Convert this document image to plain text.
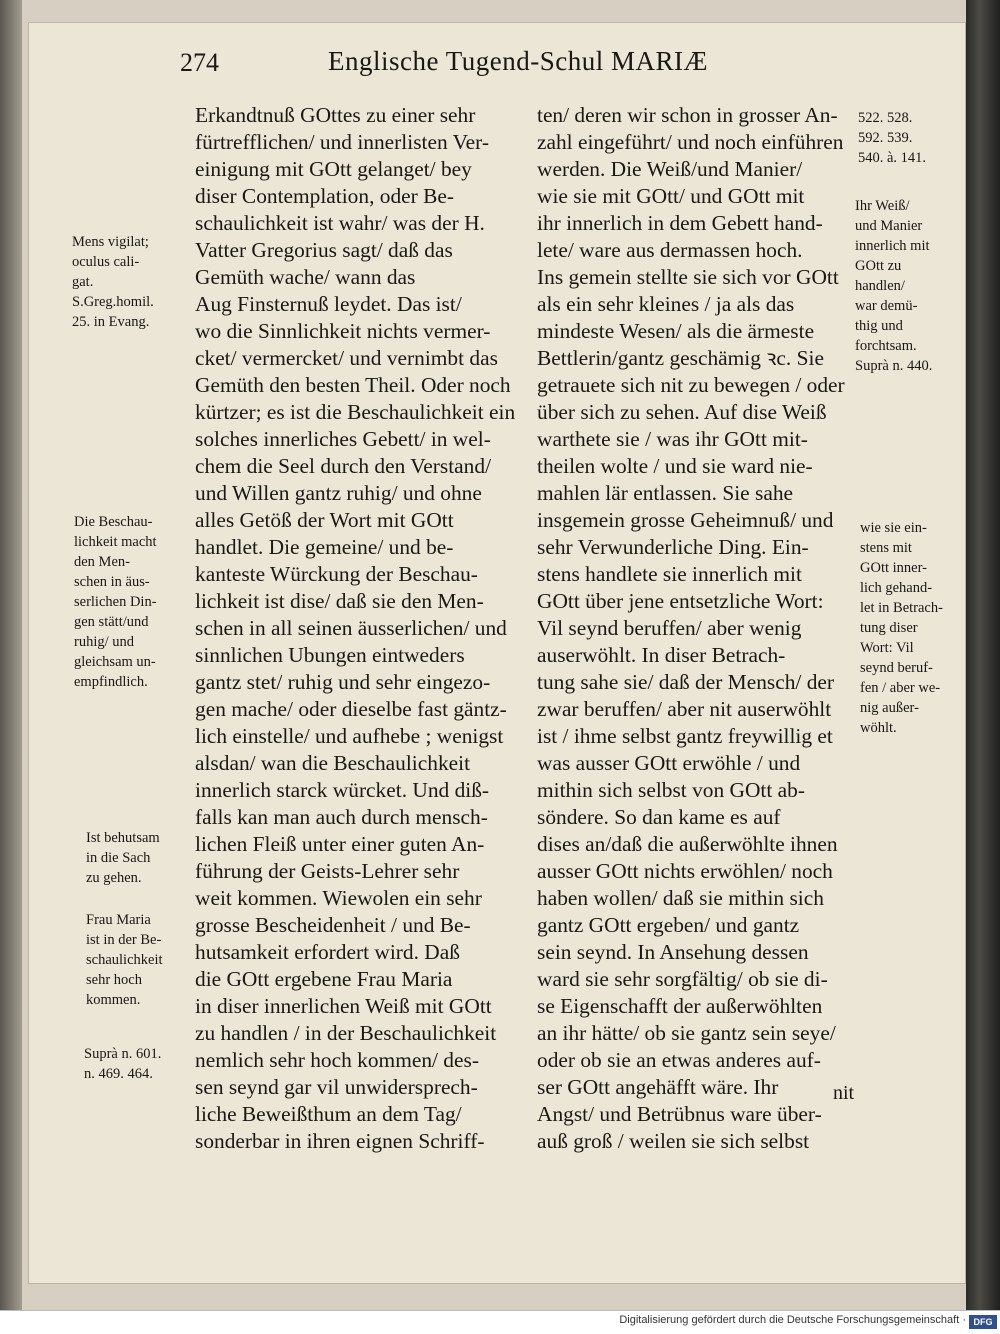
274	Englische Tugend-Schul MARIÆ
Erkandtnuß GOttes zu einer sehr
fürtrefflichen/ und innerlisten Ver-
einigung mit GOtt gelanget/ bey
diser Contemplation, oder Be-
schaulichkeit ist wahr/ was der H.
Vatter Gregorius sagt/ daß das
Gemüth wache/ wann das
Aug Finsternuß leydet. Das ist/
wo die Sinnlichkeit nichts vermer-
cket/ vermercket/ und vernimbt das
Gemüth den besten Theil. Oder noch
kürtzer; es ist die Beschaulichkeit ein
solches innerliches Gebett/ in wel-
chem die Seel durch den Verstand/
und Willen gantz ruhig/ und ohne
alles Getöß der Wort mit GOtt
handlet. Die gemeine/ und be-
kanteste Würckung der Beschau-
lichkeit ist dise/ daß sie den Men-
schen in all seinen äusserlichen/ und
sinnlichen Ubungen eintweders
gantz stet/ ruhig und sehr eingezo-
gen mache/ oder dieselbe fast gäntz-
lich einstelle/ und aufhebe ; wenigst
alsdan/ wan die Beschaulichkeit
innerlich starck würcket. Und diß-
falls kan man auch durch mensch-
lichen Fleiß unter einer guten An-
führung der Geists-Lehrer sehr
weit kommen. Wiewolen ein sehr
grosse Bescheidenheit / und Be-
hutsamkeit erfordert wird. Daß
die GOtt ergebene Frau Maria
in diser innerlichen Weiß mit GOtt
zu handlen / in der Beschaulichkeit
nemlich sehr hoch kommen/ des-
sen seynd gar vil unwidersprech-
liche Beweißthum an dem Tag/
sonderbar in ihren eignen Schriff-
ten/ deren wir schon in grosser An-
zahl eingeführt/ und noch einführen
werden. Die Weiß/und Manier/
wie sie mit GOtt/ und GOtt mit
ihr innerlich in dem Gebett hand-
lete/ ware aus dermassen hoch.
Ins gemein stellte sie sich vor GOtt
als ein sehr kleines / ja als das
mindeste Wesen/ als die ärmeste
Bettlerin/gantz geschämig ꝛc. Sie
getrauete sich nit zu bewegen / oder
über sich zu sehen. Auf dise Weiß
warthete sie / was ihr GOtt mit-
theilen wolte / und sie ward nie-
mahlen lär entlassen. Sie sahe
insgemein grosse Geheimnuß/ und
sehr Verwunderliche Ding. Ein-
stens handlete sie innerlich mit
GOtt über jene entsetzliche Wort:
Vil seynd beruffen/ aber wenig
auserwöhlt. In diser Betrach-
tung sahe sie/ daß der Mensch/ der
zwar beruffen/ aber nit auserwöhlt
ist / ihme selbst gantz freywillig et
was ausser GOtt erwöhle / und
mithin sich selbst von GOtt ab-
söndere. So dan kame es auf
dises an/daß die außerwöhlte ihnen
ausser GOtt nichts erwöhlen/ noch
haben wollen/ daß sie mithin sich
gantz GOtt ergeben/ und gantz
sein seynd. In Ansehung dessen
ward sie sehr sorgfältig/ ob sie di-
se Eigenschafft der außerwöhlten
an ihr hätte/ ob sie gantz sein seye/
oder ob sie an etwas anderes auf-
ser GOtt angehäfft wäre. Ihr
Angst/ und Betrübnus ware über-
auß groß / weilen sie sich selbst
Mens vigilat;
oculus cali-
gat.
S.Greg.homil.
25. in Evang.
Die Beschau-
lichkeit macht
den Men-
schen in äus-
serlichen Din-
gen stätt/und
ruhig/ und
gleichsam un-
empfindlich.
Ist behutsam
in die Sach
zu gehen.
Frau Maria
ist in der Be-
schaulichkeit
sehr hoch
kommen.
Suprà n. 601.
n. 469. 464.
522. 528.
592. 539.
540. à. 141.
Ihr Weiß/
und Manier
innerlich mit
GOtt zu
handlen/
war demü-
thig und
forchtsam.
Suprà n. 440.
wie sie ein-
stens mit
GOtt inner-
lich gehand-
let in Betrach-
tung diser
Wort: Vil
seynd beruf-
fen / aber we-
nig außer-
wöhlt.
nit
Digitalisierung gefördert durch die Deutsche Forschungsgemeinschaft · DFG
